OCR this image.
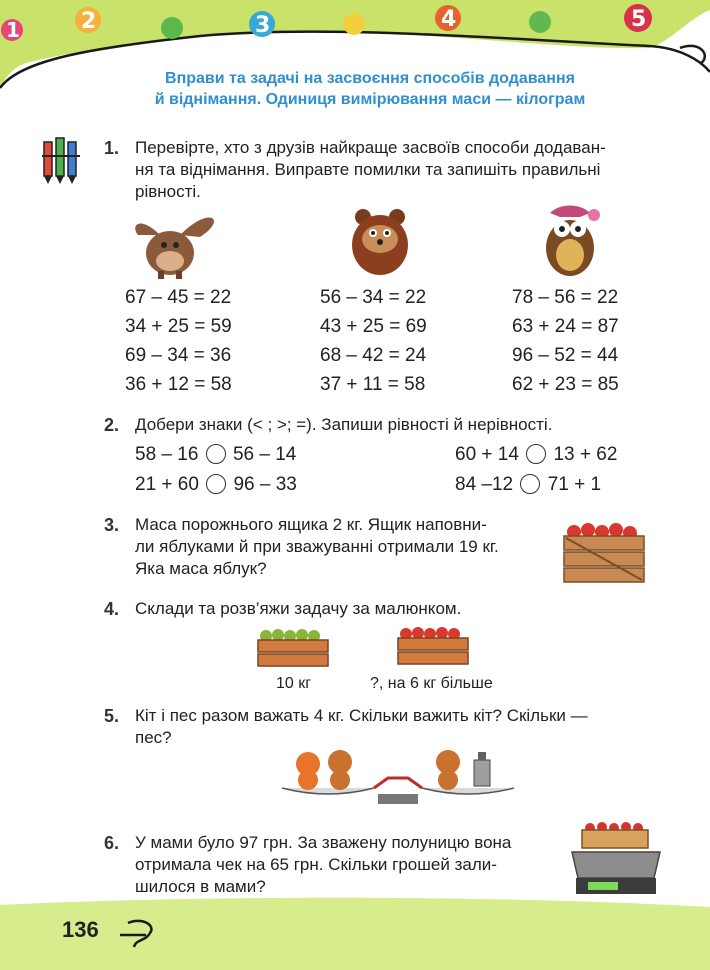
1	2	3	4	5
Вправи та задачі на засвоєння способів додавання
й віднімання. Одиниця вимірювання маси — кілограм
1. Перевірте, хто з друзів найкраще засвоїв способи додаван-
ня та віднімання. Виправте помилки та запишіть правильні
рівності.
67 – 45 = 22
34 + 25 = 59
69 – 34 = 36
36 + 12 = 58
56 – 34 = 22
43 + 25 = 69
68 – 42 = 24
37 + 11 = 58
78 – 56 = 22
63 + 24 = 87
96 – 52 = 44
62 + 23 = 85
2. Добери знаки (< ; >; =). Запиши рівності й нерівності.
58 – 16 56 – 14	60 + 14 13 + 62
21 + 60 96 – 33	84 –12 71 + 1
3. Маса порожнього ящика 2 кг. Ящик наповни-
ли яблуками й при зважуванні отримали 19 кг.
Яка маса яблук?
4. Склади та розв’яжи задачу за малюнком.
10 кг	?, на 6 кг більше
5. Кіт і пес разом важать 4 кг. Скільки важить кіт? Скільки —
пес?
6. У мами було 97 грн. За зважену полуницю вона
отримала чек на 65 грн. Скільки грошей зали-
шилося в мами?
136
